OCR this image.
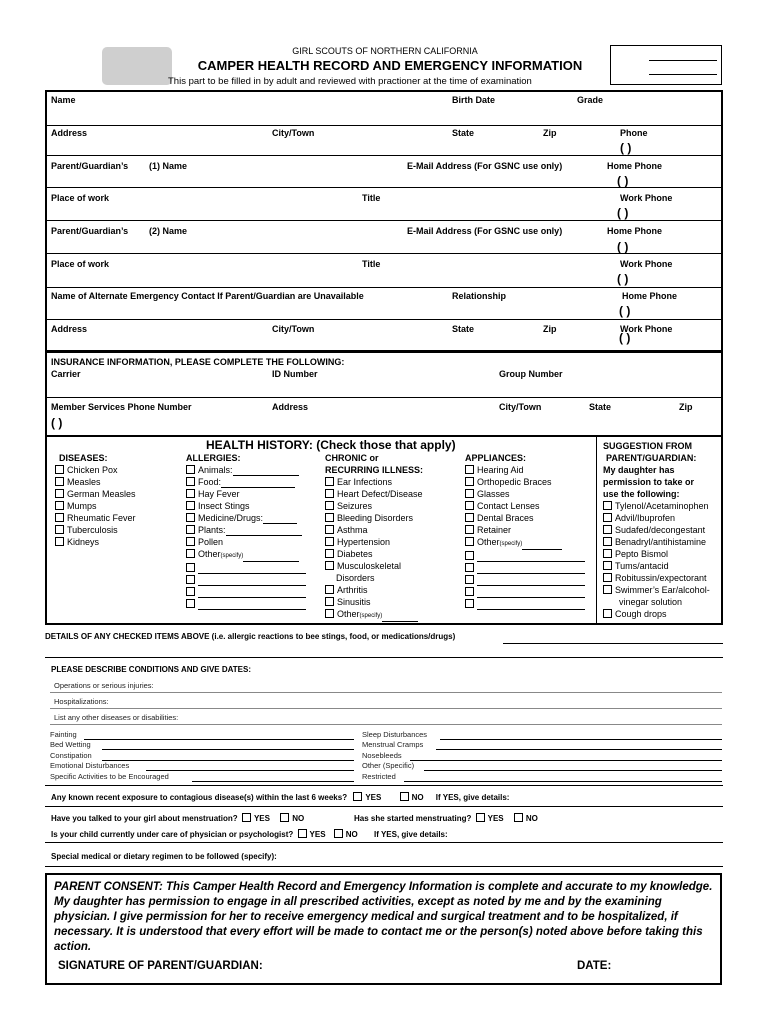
GIRL SCOUTS OF NORTHERN CALIFORNIA
CAMPER HEALTH RECORD AND EMERGENCY INFORMATION
This part to be filled in by adult and reviewed with practioner at the time of examination
Name	Birth Date	Grade
Address	City/Town	State	Zip	Phone
( )
Parent/Guardian’s (1) Name	E-Mail Address (For GSNC use only)	Home Phone
( )
Place of work	Title	Work Phone
( )
Parent/Guardian’s (2) Name	E-Mail Address (For GSNC use only)	Home Phone
( )
Place of work	Title	Work Phone
( )
Name of Alternate Emergency Contact If Parent/Guardian are Unavailable	Relationship	Home Phone
( )
Address	City/Town	State	Zip	Work Phone
( )
INSURANCE INFORMATION, PLEASE COMPLETE THE FOLLOWING:
Carrier	ID Number	Group Number
Member Services Phone Number	Address	City/Town	State	Zip
( )
HEALTH HISTORY: (Check those that apply)
DISEASES:
Chicken Pox
Measles
German Measles
Mumps
Rheumatic Fever
Tuberculosis
Kidneys
ALLERGIES:
Animals:
Food:
Hay Fever
Insect Stings
Medicine/Drugs:
Plants:
Pollen
Other(specify)
CHRONIC or
RECURRING ILLNESS:
Ear Infections
Heart Defect/Disease
Seizures
Bleeding Disorders
Asthma
Hypertension
Diabetes
Musculoskeletal
Disorders
Arthritis
Sinusitis
Other(specify)
APPLIANCES:
Hearing Aid
Orthopedic Braces
Glasses
Contact Lenses
Dental Braces
Retainer
Other(specify)
SUGGESTION FROM
PARENT/GUARDIAN:
My daughter has
permission to take or
use the following:
Tylenol/Acetaminophen
Advil/Ibuprofen
Sudafed/decongestant
Benadryl/antihistamine
Pepto Bismol
Tums/antacid
Robitussin/expectorant
Swimmer’s Ear/alcohol-
vinegar solution
Cough drops
DETAILS OF ANY CHECKED ITEMS ABOVE (i.e. allergic reactions to bee stings, food, or medications/drugs)
PLEASE DESCRIBE CONDITIONS AND GIVE DATES:
Operations or serious injuries:
Hospitalizations:
List any other diseases or disabilities:
Fainting
Bed Wetting
Constipation
Emotional Disturbances
Specific Activities to be Encouraged
Sleep Disturbances
Menstrual Cramps
Nosebleeds
Other (Specific)
Restricted
Any known recent exposure to contagious disease(s) within the last 6 weeks? YES	NO If YES, give details:
Have you talked to your girl about menstruation? YES	NO	Has she started menstruating? YES	NO
Is your child currently under care of physician or psychologist? YES	NO If YES, give details:
Special medical or dietary regimen to be followed (specify):
PARENT CONSENT: This Camper Health Record and Emergency Information is complete and accurate to my knowledge. My daughter has permission to engage in all prescribed activities, except as noted by me and by the examining physician. I give permission for her to receive emergency medical and surgical treatment and to be hospitalized, if necessary. It is understood that every effort will be made to contact me or the person(s) noted above before taking this action.
SIGNATURE OF PARENT/GUARDIAN:	DATE:
